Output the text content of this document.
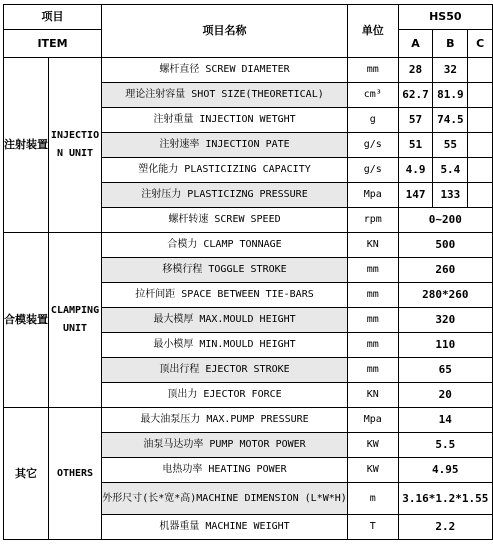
项目		项目名称	单位	HS50		
ITEM				A	B	C
注射装置	INJECTION UNIT	螺杆直径 SCREW DIAMETER	mm	28	32	
		理论注射容量 SHOT SIZE(THEORETICAL)	cm³	62.7	81.9	
		注射重量 INJECTION WETGHT	g	57	74.5	
		注射速率 INJECTION PATE	g/s	51	55	
		塑化能力 PLASTICIZING CAPACITY	g/s	4.9	5.4	
		注射压力 PLASTICIZNG PRESSURE	Mpa	147	133	
		螺杆转速 SCREW SPEED	rpm	0~200		
合模装置	CLAMPING UNIT	合模力 CLAMP TONNAGE	KN	500		
		移模行程 TOGGLE STROKE	mm	260		
		拉杆间距 SPACE BETWEEN TIE-BARS	mm	280*260		
		最大模厚 MAX.MOULD HEIGHT	mm	320		
		最小模厚 MIN.MOULD HEIGHT	mm	110		
		顶出行程 EJECTOR STROKE	mm	65		
		顶出力 EJECTOR FORCE	KN	20		
其它	OTHERS	最大油泵压力 MAX.PUMP PRESSURE	Mpa	14		
		油泵马达功率 PUMP MOTOR POWER	KW	5.5		
		电热功率 HEATING POWER	KW	4.95		
		外形尺寸(长*宽*高)MACHINE DIMENSION (L*W*H)	m	3.16*1.2*1.55		
		机器重量 MACHINE WEIGHT	T	2.2		
